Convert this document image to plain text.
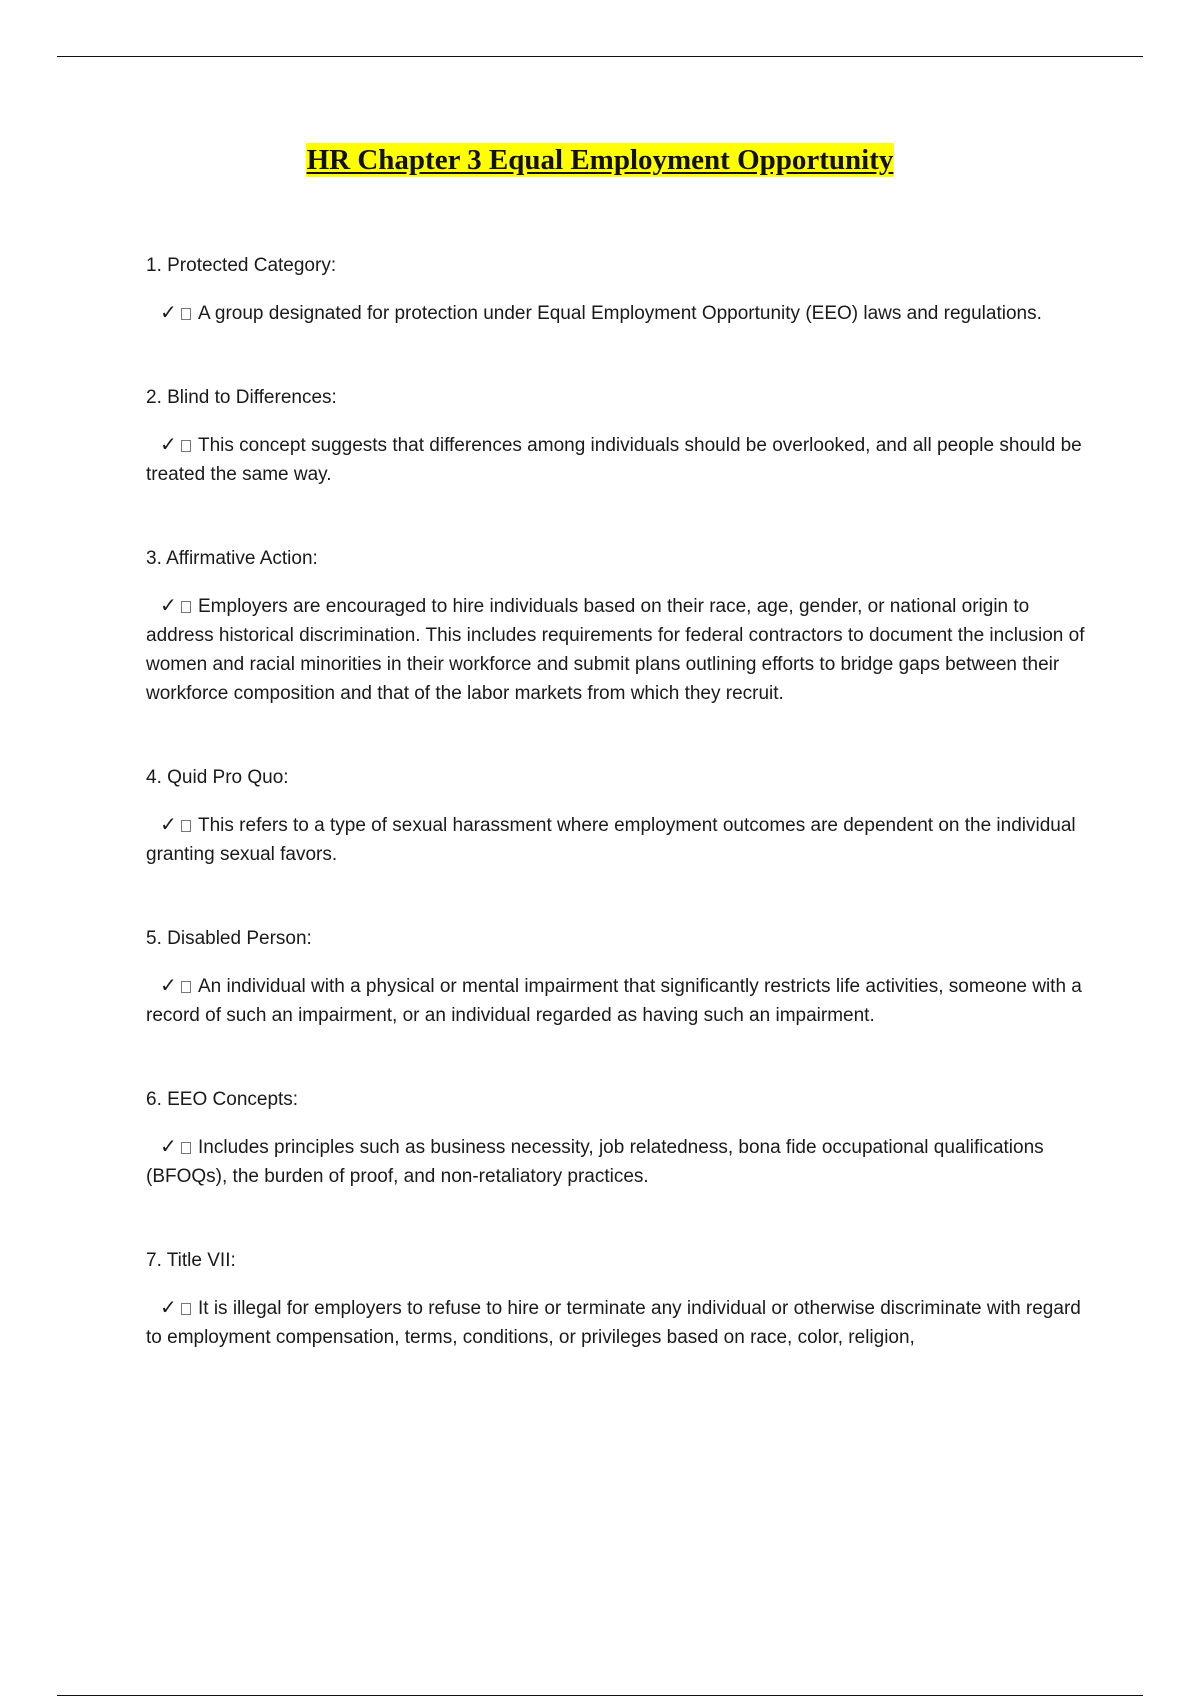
HR Chapter 3 Equal Employment Opportunity

1. Protected Category:

✓ A group designated for protection under Equal Employment Opportunity (EEO) laws and regulations.

2. Blind to Differences:

✓ This concept suggests that differences among individuals should be overlooked, and all people should be treated the same way.

3. Affirmative Action:

✓ Employers are encouraged to hire individuals based on their race, age, gender, or national origin to address historical discrimination. This includes requirements for federal contractors to document the inclusion of women and racial minorities in their workforce and submit plans outlining efforts to bridge gaps between their workforce composition and that of the labor markets from which they recruit.

4. Quid Pro Quo:

✓ This refers to a type of sexual harassment where employment outcomes are dependent on the individual granting sexual favors.

5. Disabled Person:

✓ An individual with a physical or mental impairment that significantly restricts life activities, someone with a record of such an impairment, or an individual regarded as having such an impairment.

6. EEO Concepts:

✓ Includes principles such as business necessity, job relatedness, bona fide occupational qualifications (BFOQs), the burden of proof, and non-retaliatory practices.

7. Title VII:

✓ It is illegal for employers to refuse to hire or terminate any individual or otherwise discriminate with regard to employment compensation, terms, conditions, or privileges based on race, color, religion,
